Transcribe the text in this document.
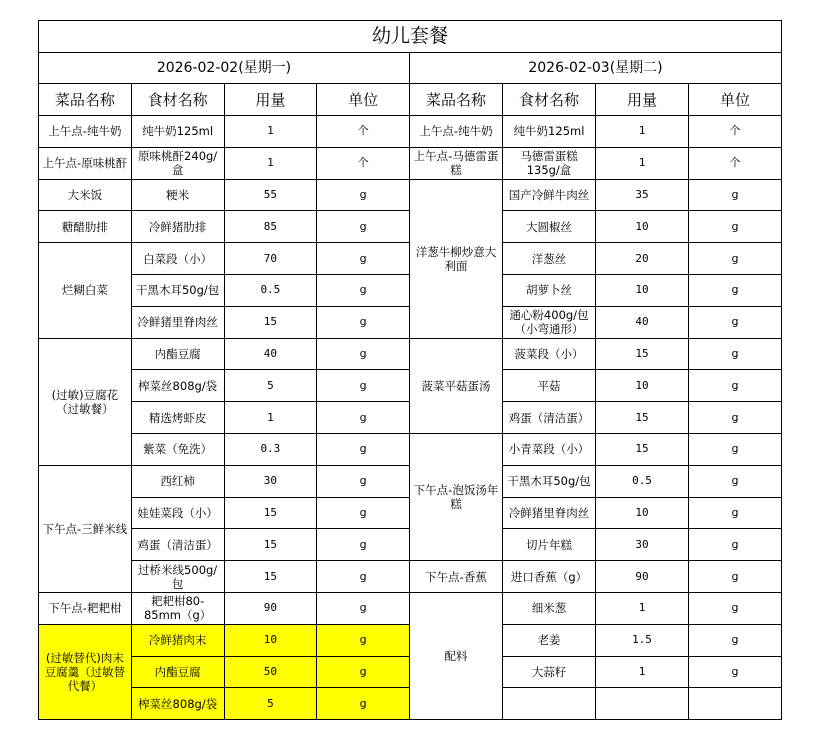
幼儿套餐
2026-02-02(星期一)			
菜品名称	食材名称	用量	单位
上午点-纯牛奶	纯牛奶125ml	1	个
上午点-原味桃酐	原味桃酐240g/盒	1	个
大米饭	粳米	55	g
糖醋肋排	冷鲜猪肋排	85	g
烂糊白菜	白菜段（小）	70	g
	干黑木耳50g/包	0.5	g
	冷鲜猪里脊肉丝	15	g
(过敏)豆腐花（过敏餐）	内酯豆腐	40	g
	榨菜丝808g/袋	5	g
	精选烤虾皮	1	g
	紫菜（免洗）	0.3	g
下午点-三鲜米线	西红柿	30	g
	娃娃菜段（小）	15	g
	鸡蛋（清洁蛋）	15	g
	过桥米线500g/包	15	g
下午点-耙耙柑	耙耙柑80-85mm（g）	90	g
(过敏替代)肉末豆腐羹（过敏替代餐）	冷鲜猪肉末	10	g
	内酯豆腐	50	g
	榨菜丝808g/袋	5	g
2026-02-03(星期二)			
菜品名称	食材名称	用量	单位
上午点-纯牛奶	纯牛奶125ml	1	个
上午点-马德雷蛋糕	马德雷蛋糕135g/盒	1	个
洋葱牛柳炒意大利面	国产冷鲜牛肉丝	35	g
	大圆椒丝	10	g
	洋葱丝	20	g
	胡萝卜丝	10	g
	通心粉400g/包（小弯通形）	40	g
菠菜平菇蛋汤	菠菜段（小）	15	g
	平菇	10	g
	鸡蛋（清洁蛋）	15	g
下午点-泡饭汤年糕	小青菜段（小）	15	g
	干黑木耳50g/包	0.5	g
	冷鲜猪里脊肉丝	10	g
	切片年糕	30	g
下午点-香蕉	进口香蕉（g）	90	g
配料	细米葱	1	g
	老姜	1.5	g
	大蒜籽	1	g
